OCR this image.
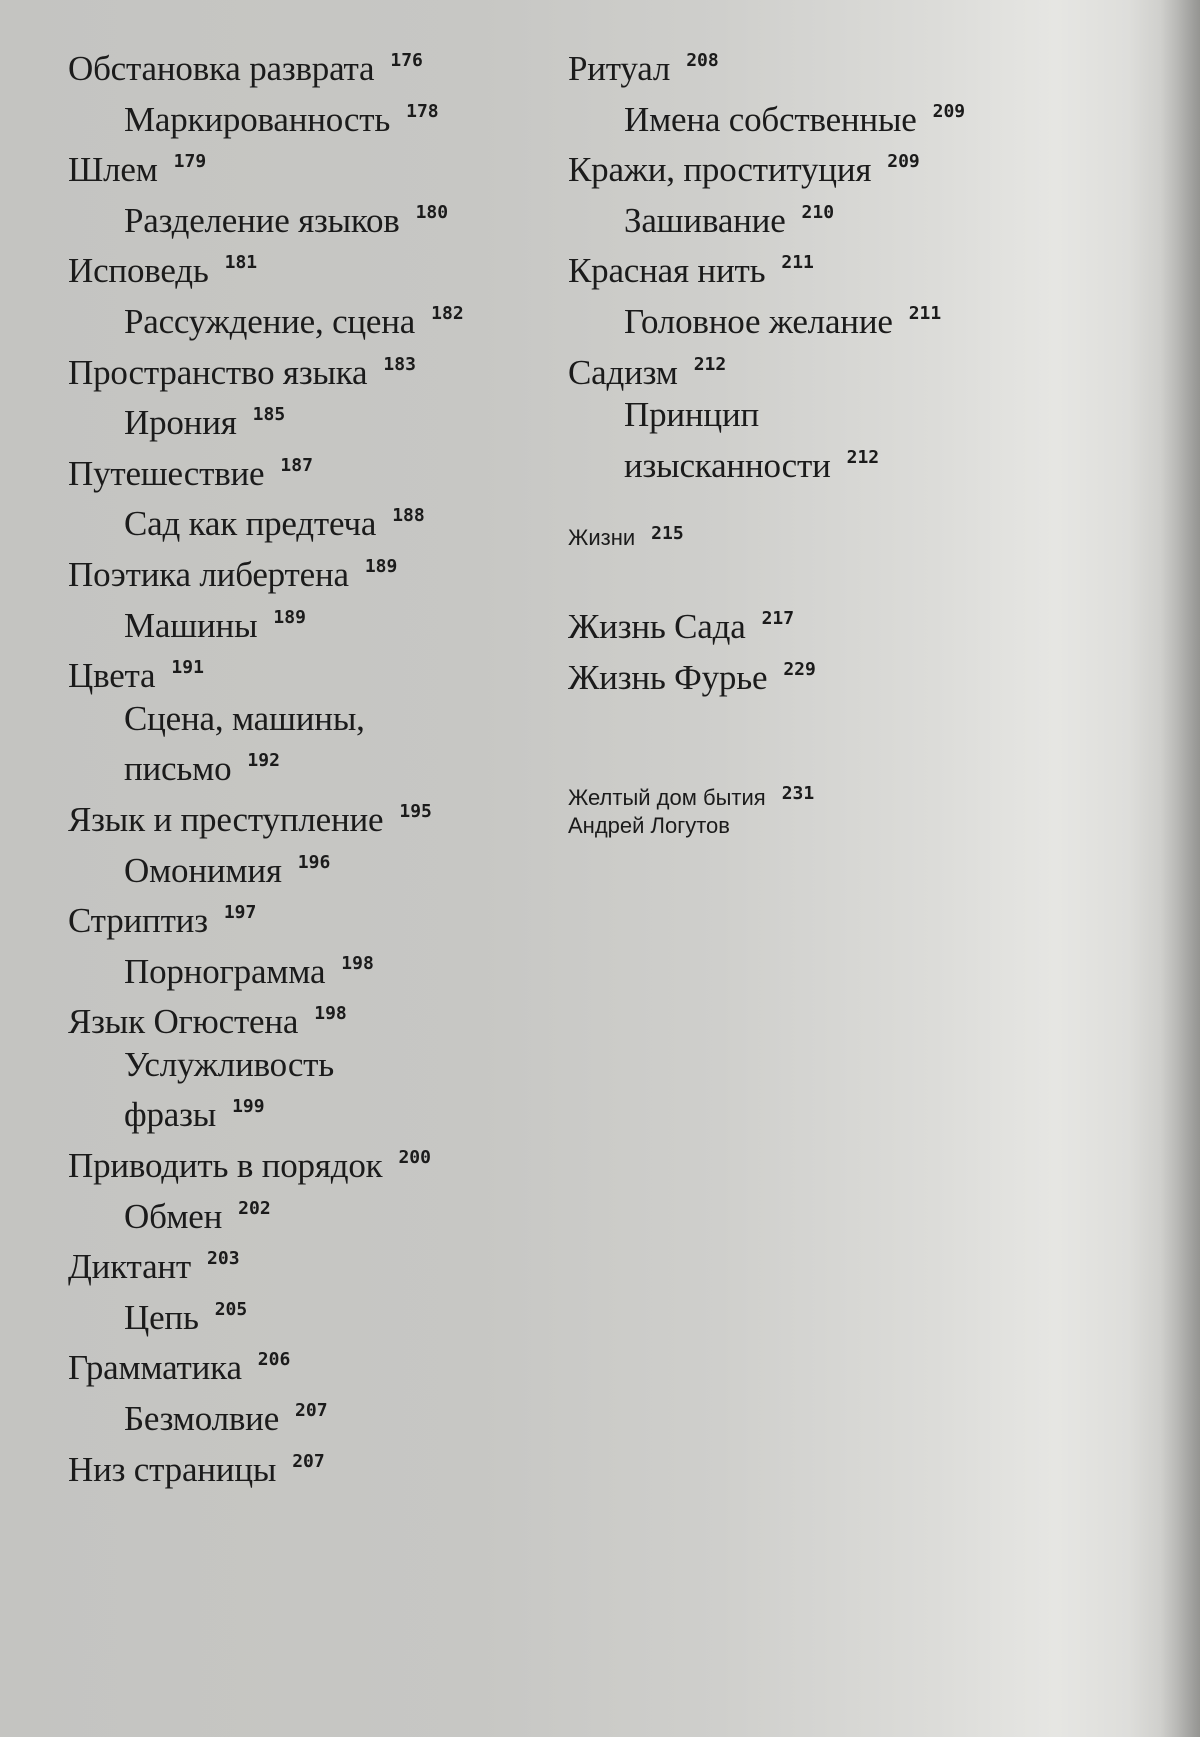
Обстановка разврата $^{176}$
Маркированность $^{178}$
Шлем $^{179}$
Разделение языков $^{180}$
Исповедь $^{181}$
Рассуждение, сцена $^{182}$
Пространство языка $^{183}$
Ирония $^{185}$
Путешествие $^{187}$
Сад как предтеча $^{188}$
Поэтика либертена $^{189}$
Машины $^{189}$
Цвета $^{191}$
Сцена, машины,
письмо $^{192}$
Язык и преступление $^{195}$
Омонимия $^{196}$
Стриптиз $^{197}$
Порнограмма $^{198}$
Язык Огюстена $^{198}$
Услужливость
фразы $^{199}$
Приводить в порядок $^{200}$
Обмен $^{202}$
Диктант $^{203}$
Цепь $^{205}$
Грамматика $^{206}$
Безмолвие $^{207}$
Низ страницы $^{207}$
Ритуал $^{208}$
Имена собственные $^{209}$
Кражи, проституция $^{209}$
Зашивание $^{210}$
Красная нить $^{211}$
Головное желание $^{211}$
Садизм $^{212}$
Принцип
изысканности $^{212}$
Жизни $^{215}$
Жизнь Сада $^{217}$
Жизнь Фурье $^{229}$
Желтый дом бытия $^{231}$
Андрей Логутов
